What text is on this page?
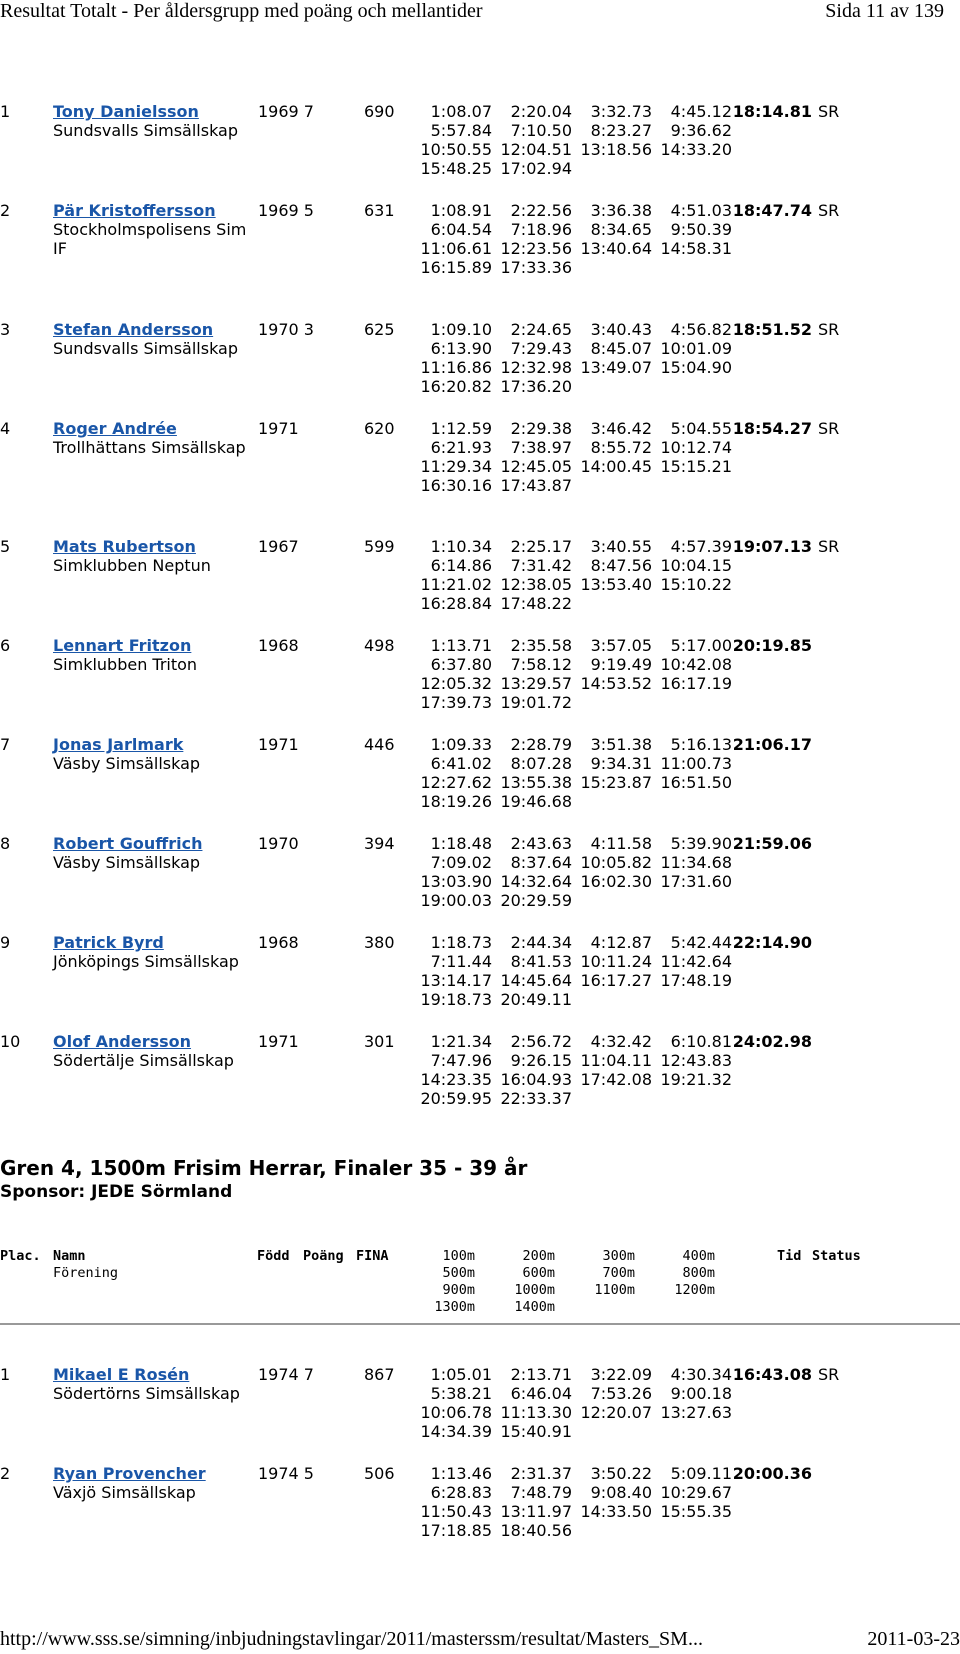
Resultat Totalt - Per åldersgrupp med poäng och mellantider	Sida 11 av 139
1	Tony Danielsson
Sundsvalls Simsällskap
1969 7	690	1:08.07	2:20.04	3:32.73	4:45.12 18:14.81 SR
5:57.84	7:10.50	8:23.27	9:36.62
10:50.55 12:04.51 13:18.56 14:33.20
15:48.25 17:02.94
2	Pär Kristoffersson
Stockholmspolisens Sim IF
1969 5	631	1:08.91	2:22.56	3:36.38	4:51.03 18:47.74 SR
6:04.54	7:18.96	8:34.65	9:50.39
11:06.61 12:23.56 13:40.64 14:58.31
16:15.89 17:33.36
3	Stefan Andersson
Sundsvalls Simsällskap
1970 3	625	1:09.10	2:24.65	3:40.43	4:56.82 18:51.52 SR
6:13.90	7:29.43	8:45.07 10:01.09
11:16.86 12:32.98 13:49.07 15:04.90
16:20.82 17:36.20
4	Roger Andrée
Trollhättans Simsällskap
1971	620	1:12.59	2:29.38	3:46.42	5:04.55 18:54.27 SR
6:21.93	7:38.97	8:55.72 10:12.74
11:29.34 12:45.05 14:00.45 15:15.21
16:30.16 17:43.87
5	Mats Rubertson
Simklubben Neptun
1967	599	1:10.34	2:25.17	3:40.55	4:57.39 19:07.13 SR
6:14.86	7:31.42	8:47.56 10:04.15
11:21.02 12:38.05 13:53.40 15:10.22
16:28.84 17:48.22
6	Lennart Fritzon
Simklubben Triton
1968	498	1:13.71	2:35.58	3:57.05	5:17.00 20:19.85
6:37.80	7:58.12	9:19.49 10:42.08
12:05.32 13:29.57 14:53.52 16:17.19
17:39.73 19:01.72
7	Jonas Jarlmark
Väsby Simsällskap
1971	446	1:09.33	2:28.79	3:51.38	5:16.13 21:06.17
6:41.02	8:07.28	9:34.31 11:00.73
12:27.62 13:55.38 15:23.87 16:51.50
18:19.26 19:46.68
8	Robert Gouffrich
Väsby Simsällskap
1970	394	1:18.48	2:43.63	4:11.58	5:39.90 21:59.06
7:09.02	8:37.64 10:05.82 11:34.68
13:03.90 14:32.64 16:02.30 17:31.60
19:00.03 20:29.59
9	Patrick Byrd
Jönköpings Simsällskap
1968	380	1:18.73	2:44.34	4:12.87	5:42.44 22:14.90
7:11.44	8:41.53 10:11.24 11:42.64
13:14.17 14:45.64 16:17.27 17:48.19
19:18.73 20:49.11
10	Olof Andersson
Södertälje Simsällskap
1971	301	1:21.34	2:56.72	4:32.42	6:10.81 24:02.98
7:47.96	9:26.15 11:04.11 12:43.83
14:23.35 16:04.93 17:42.08 19:21.32
20:59.95 22:33.37
Gren 4, 1500m Frisim Herrar, Finaler 35 - 39 år
Sponsor: JEDE Sörmland
Plac. Namn
Förening
Född Poäng FINA	Tid Status
100m	200m	300m	400m
500m	600m	700m	800m
900m	1000m	1100m	1200m
1300m	1400m
1	Mikael E Rosén
Södertörns Simsällskap
1974 7	867	1:05.01	2:13.71	3:22.09	4:30.34 16:43.08 SR
5:38.21	6:46.04	7:53.26	9:00.18
10:06.78 11:13.30 12:20.07 13:27.63
14:34.39 15:40.91
2	Ryan Provencher
Växjö Simsällskap
1974 5	506	1:13.46	2:31.37	3:50.22	5:09.11 20:00.36
6:28.83	7:48.79	9:08.40 10:29.67
11:50.43 13:11.97 14:33.50 15:55.35
17:18.85 18:40.56
http://www.sss.se/simning/inbjudningstavlingar/2011/masterssm/resultat/Masters_SM...	2011-03-23
